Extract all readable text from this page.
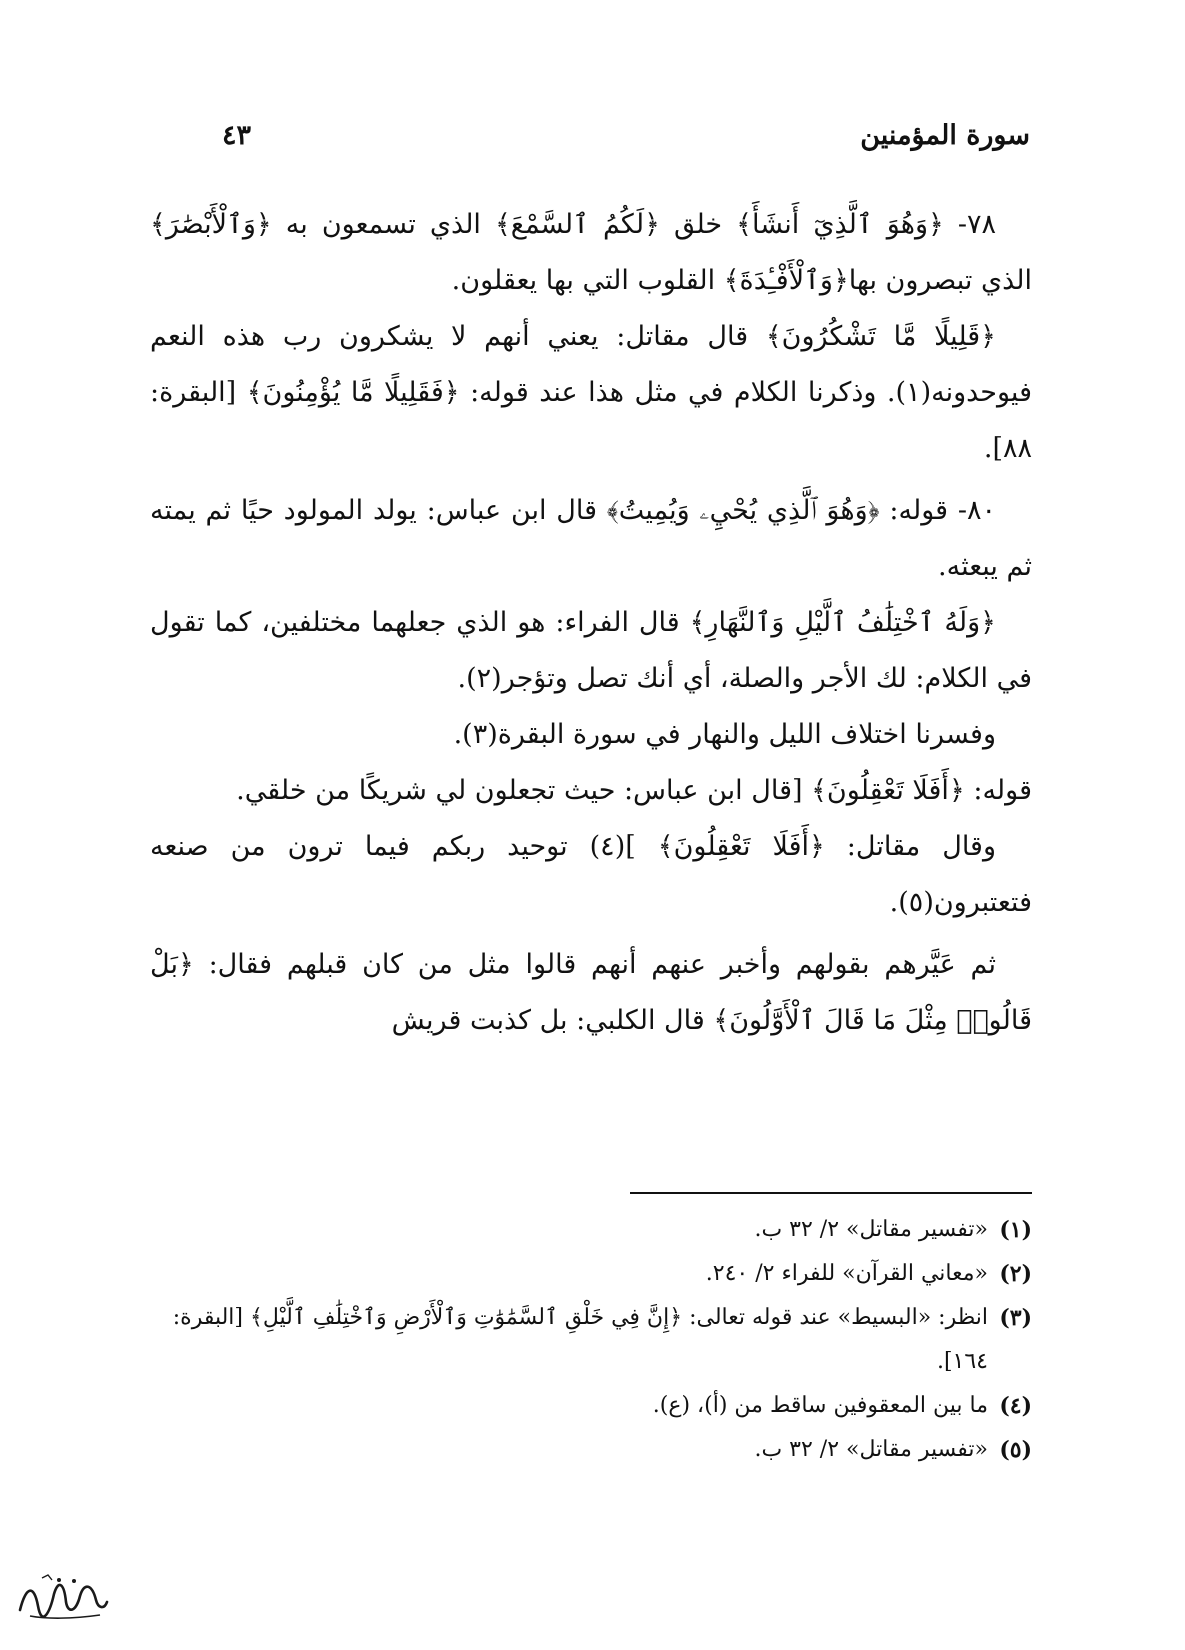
سورة المؤمنين
٤٣

٧٨- ﴿وَهُوَ ٱلَّذِيٓ أَنشَأَ﴾ خلق ﴿لَكُمُ ٱلسَّمْعَ﴾ الذي تسمعون به ﴿وَٱلْأَبْصَٰرَ﴾ الذي تبصرون بها﴿وَٱلْأَفْـِٔدَةَ﴾ القلوب التي بها يعقلون.

﴿قَلِيلًا مَّا تَشْكُرُونَ﴾ قال مقاتل: يعني أنهم لا يشكرون رب هذه النعم فيوحدونه(١). وذكرنا الكلام في مثل هذا عند قوله: ﴿فَقَلِيلًا مَّا يُؤْمِنُونَ﴾ [البقرة: ٨٨].

٨٠- قوله: ﴿وَهُوَ ٱلَّذِي يُحْيِۦ وَيُمِيتُ﴾ قال ابن عباس: يولد المولود حيًا ثم يمته ثم يبعثه.

﴿وَلَهُ ٱخْتِلَٰفُ ٱلَّيْلِ وَٱلنَّهَارِ﴾ قال الفراء: هو الذي جعلهما مختلفين، كما تقول في الكلام: لك الأجر والصلة، أي أنك تصل وتؤجر(٢).

وفسرنا اختلاف الليل والنهار في سورة البقرة(٣).

قوله: ﴿أَفَلَا تَعْقِلُونَ﴾ [قال ابن عباس: حيث تجعلون لي شريكًا من خلقي.

وقال مقاتل: ﴿أَفَلَا تَعْقِلُونَ﴾ ](٤) توحيد ربكم فيما ترون من صنعه فتعتبرون(٥).

ثم عَيَّرهم بقولهم وأخبر عنهم أنهم قالوا مثل من كان قبلهم فقال: ﴿بَلْ قَالُوا۟ مِثْلَ مَا قَالَ ٱلْأَوَّلُونَ﴾ قال الكلبي: بل كذبت قريش

(١)
«تفسير مقاتل» ٢/ ٣٢ ب.
(٢)
«معاني القرآن» للفراء ٢/ ٢٤٠.
(٣)
انظر: «البسيط» عند قوله تعالى: ﴿إِنَّ فِي خَلْقِ ٱلسَّمَٰوَٰتِ وَٱلْأَرْضِ وَٱخْتِلَٰفِ ٱلَّيْلِ﴾ [البقرة: ١٦٤].
(٤)
ما بين المعقوفين ساقط من (أ)، (ع).
(٥)
«تفسير مقاتل» ٢/ ٣٢ ب.
